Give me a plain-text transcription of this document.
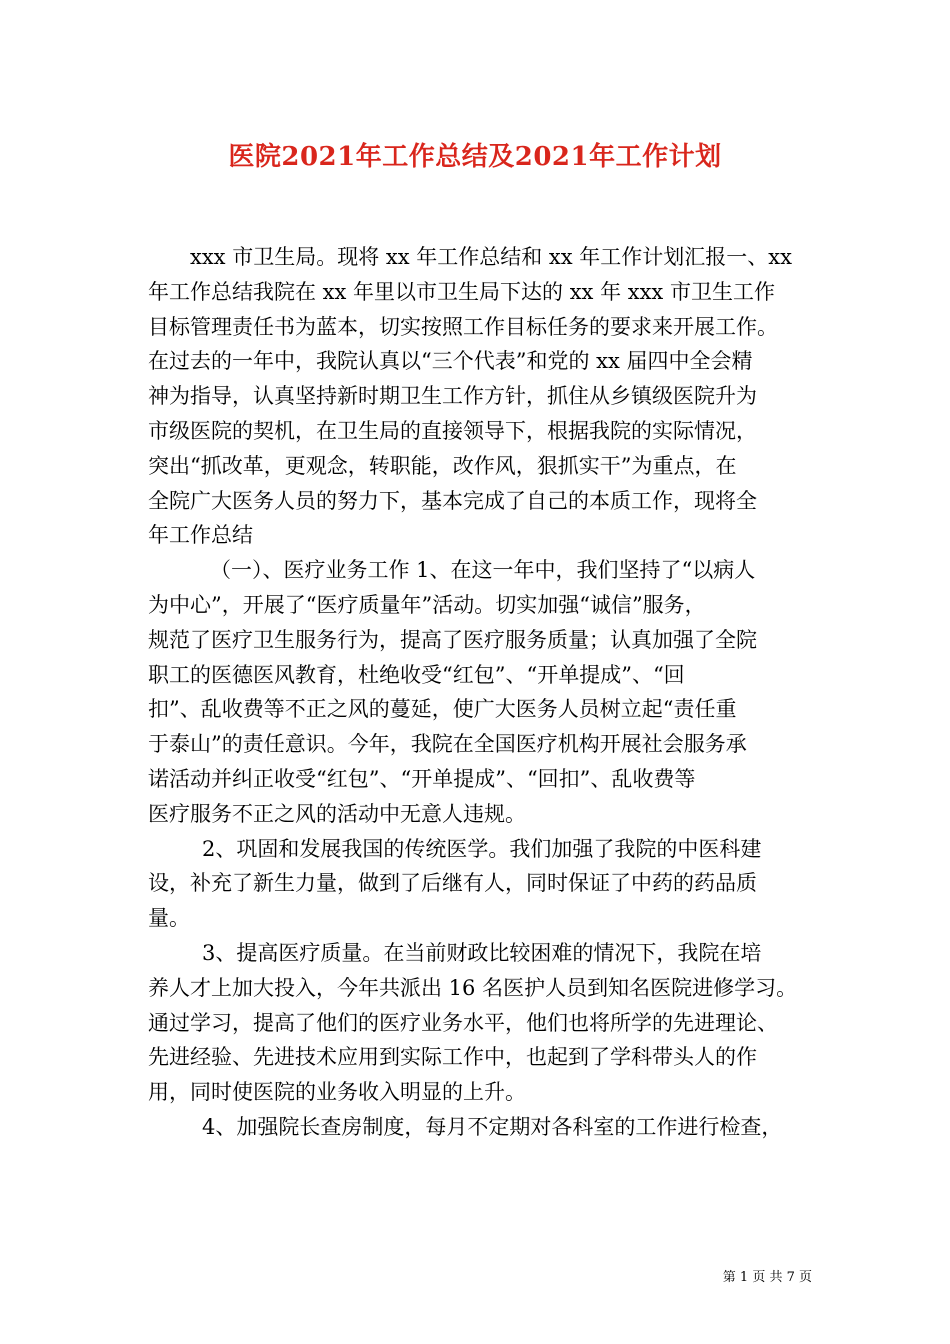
医院2021年工作总结及2021年工作计划
xxx 市卫生局。现将 xx 年工作总结和 xx 年工作计划汇报一、xx
年工作总结我院在 xx 年里以市卫生局下达的 xx 年 xxx 市卫生工作
目标管理责任书为蓝本，切实按照工作目标任务的要求来开展工作。
在过去的一年中，我院认真以“三个代表”和党的 xx 届四中全会精
神为指导，认真坚持新时期卫生工作方针，抓住从乡镇级医院升为
市级医院的契机，在卫生局的直接领导下，根据我院的实际情况，
突出“抓改革，更观念，转职能，改作风，狠抓实干”为重点，在
全院广大医务人员的努力下，基本完成了自己的本质工作，现将全
年工作总结
（一）、医疗业务工作 1、在这一年中，我们坚持了“以病人
为中心”，开展了“医疗质量年”活动。切实加强“诚信”服务，
规范了医疗卫生服务行为，提高了医疗服务质量；认真加强了全院
职工的医德医风教育，杜绝收受“红包”、“开单提成”、“回
扣”、乱收费等不正之风的蔓延，使广大医务人员树立起“责任重
于泰山”的责任意识。今年，我院在全国医疗机构开展社会服务承
诺活动并纠正收受“红包”、“开单提成”、“回扣”、乱收费等
医疗服务不正之风的活动中无意人违规。
2、巩固和发展我国的传统医学。我们加强了我院的中医科建
设，补充了新生力量，做到了后继有人，同时保证了中药的药品质
量。
3、提高医疗质量。在当前财政比较困难的情况下，我院在培
养人才上加大投入，今年共派出 16 名医护人员到知名医院进修学习。
通过学习，提高了他们的医疗业务水平，他们也将所学的先进理论、
先进经验、先进技术应用到实际工作中，也起到了学科带头人的作
用，同时使医院的业务收入明显的上升。
4、加强院长查房制度，每月不定期对各科室的工作进行检查，
第 1 页 共 7 页
